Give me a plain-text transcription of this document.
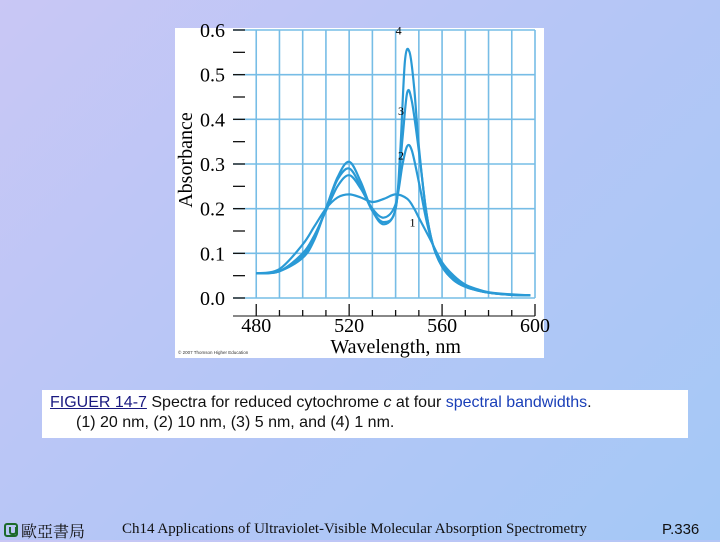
0.0
0.1
0.2
0.3
0.4
0.5
0.6
480	520	560	600
Wavelength, nm
Absorbance
4
3
2
1
© 2007 Thomson Higher Education
FIGUER 14-7 Spectra for reduced cytochrome c at four spectral bandwidths.
(1) 20 nm, (2) 10 nm, (3) 5 nm, and (4) 1 nm.
歐亞書局 Ch14 Applications of Ultraviolet-Visible Molecular Absorption Spectrometry	P.336
